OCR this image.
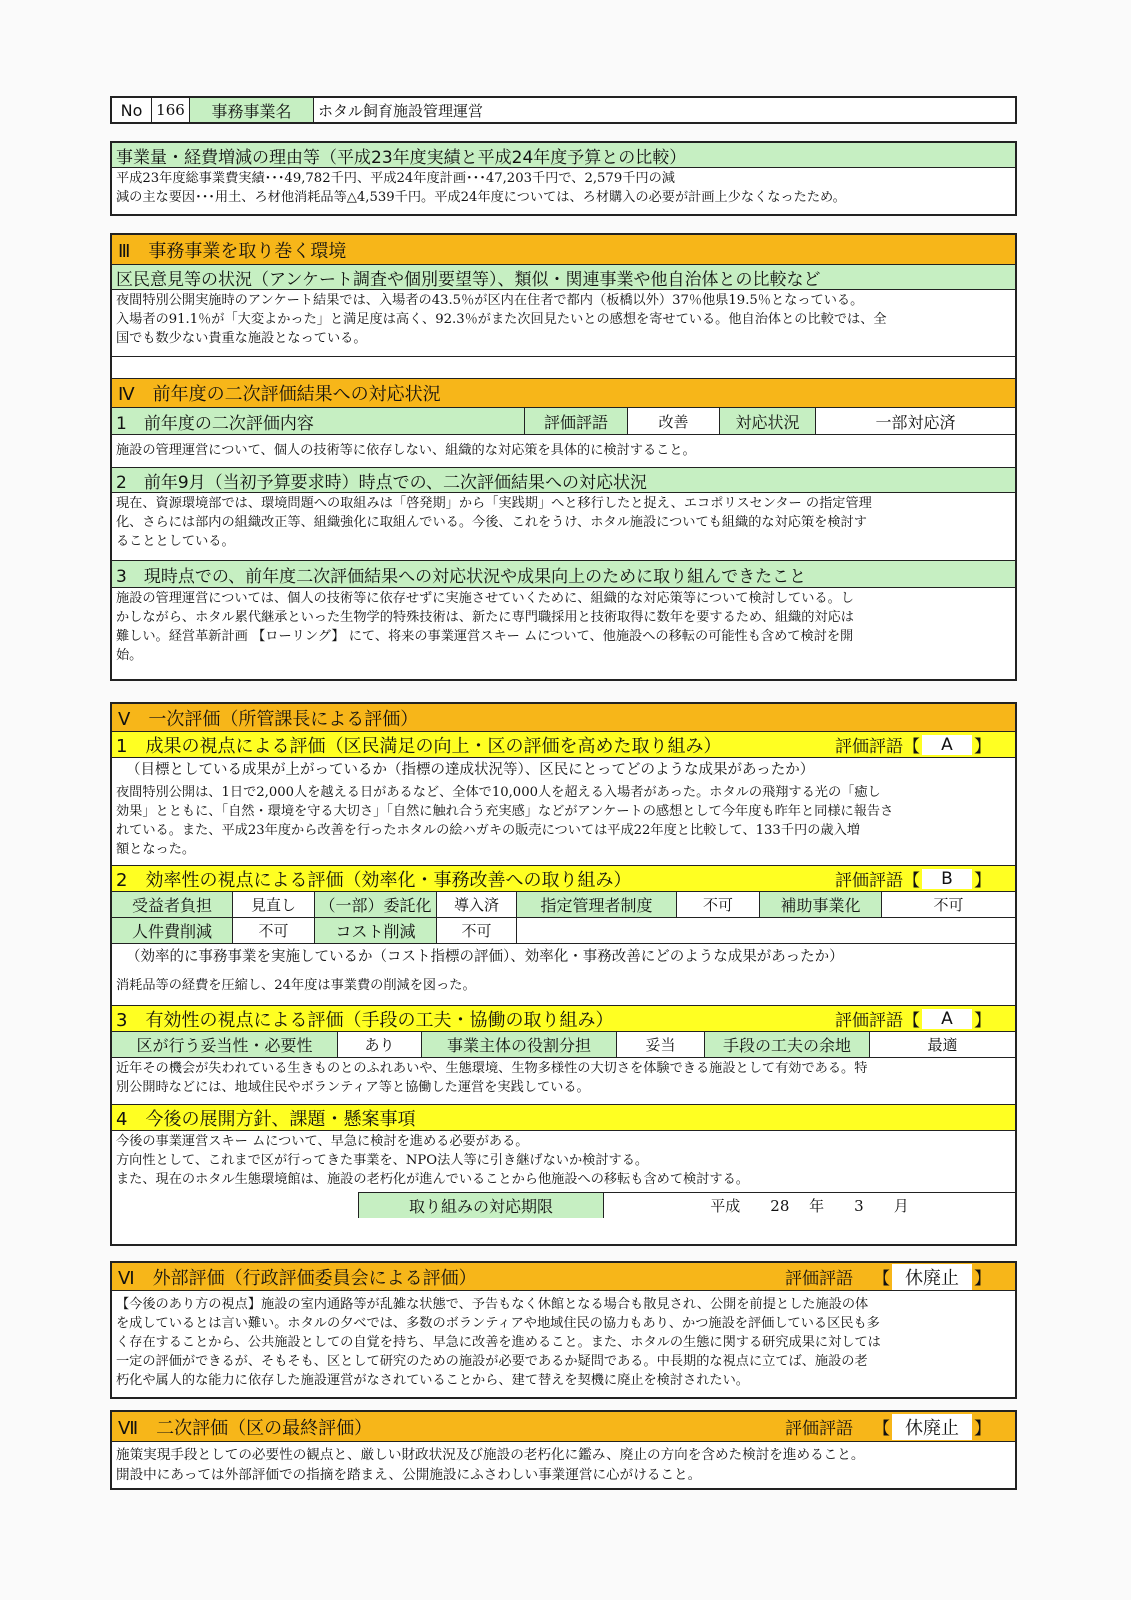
No 166	事務事業名	ホタル飼育施設管理運営
事業量・経費増減の理由等（平成23年度実績と平成24年度予算との比較）
平成23年度総事業費実績･･･49,782千円、平成24年度計画･･･47,203千円で、2,579千円の減
減の主な要因･･･用土、ろ材他消耗品等△4,539千円。平成24年度については、ろ材購入の必要が計画上少なくなったため。
Ⅲ　事務事業を取り巻く環境
区民意見等の状況（アンケート調査や個別要望等）、類似・関連事業や他自治体との比較など
夜間特別公開実施時のアンケート結果では、入場者の43.5％が区内在住者で都内（板橋以外）37％他県19.5％となっている。
入場者の91.1％が「大変よかった」と満足度は高く、92.3％がまた次回見たいとの感想を寄せている。他自治体との比較では、全
国でも数少ない貴重な施設となっている。
Ⅳ　前年度の二次評価結果への対応状況
1　前年度の二次評価内容	評価評語	改善	対応状況	一部対応済
施設の管理運営について、個人の技術等に依存しない、組織的な対応策を具体的に検討すること。
2　前年9月（当初予算要求時）時点での、二次評価結果への対応状況
現在、資源環境部では、環境問題への取組みは「啓発期」から「実践期」へと移行したと捉え、エコポリスセンター の指定管理
化、さらには部内の組織改正等、組織強化に取組んでいる。今後、これをうけ、ホタル施設についても組織的な対応策を検討す
ることとしている。
3　現時点での、前年度二次評価結果への対応状況や成果向上のために取り組んできたこと
施設の管理運営については、個人の技術等に依存せずに実施させていくために、組織的な対応策等について検討している。し
かしながら、ホタル累代継承といった生物学的特殊技術は、新たに専門職採用と技術取得に数年を要するため、組織的対応は
難しい。経営革新計画 【ローリング】 にて、将来の事業運営スキー ムについて、他施設への移転の可能性も含めて検討を開
始。
Ⅴ　一次評価（所管課長による評価）
1　成果の視点による評価（区民満足の向上・区の評価を高めた取り組み）	評価評語【	A	】
（目標としている成果が上がっているか（指標の達成状況等）、区民にとってどのような成果があったか）
夜間特別公開は、1日で2,000人を越える日があるなど、全体で10,000人を超える入場者があった。ホタルの飛翔する光の「癒し
効果」とともに、「自然・環境を守る大切さ」「自然に触れ合う充実感」などがアンケートの感想として今年度も昨年と同様に報告さ
れている。また、平成23年度から改善を行ったホタルの絵ハガキの販売については平成22年度と比較して、133千円の歳入増
額となった。
2　効率性の視点による評価（効率化・事務改善への取り組み）	評価評語【	B	】
受益者負担	見直し	（一部）委託化	導入済	指定管理者制度	不可	補助事業化	不可
人件費削減	不可	コスト削減	不可
（効率的に事務事業を実施しているか（コスト指標の評価）、効率化・事務改善にどのような成果があったか）
消耗品等の経費を圧縮し、24年度は事業費の削減を図った。
3　有効性の視点による評価（手段の工夫・協働の取り組み）	評価評語【	A	】
区が行う妥当性・必要性	あり	事業主体の役割分担	妥当	手段の工夫の余地	最適
近年その機会が失われている生きものとのふれあいや、生態環境、生物多様性の大切さを体験できる施設として有効である。特
別公開時などには、地域住民やボランティア等と協働した運営を実践している。
4　今後の展開方針、課題・懸案事項
今後の事業運営スキー ムについて、早急に検討を進める必要がある。
方向性として、これまで区が行ってきた事業を、NPO法人等に引き継げないか検討する。
また、現在のホタル生態環境館は、施設の老朽化が進んでいることから他施設への移転も含めて検討する。
取り組みの対応期限	平成　　28　 年　　3　　月
Ⅵ　外部評価（行政評価委員会による評価）	評価評語 【 休廃止 】
【今後のあり方の視点】施設の室内通路等が乱雑な状態で、予告もなく休館となる場合も散見され、公開を前提とした施設の体
を成しているとは言い難い。ホタルの夕べでは、多数のボランティアや地域住民の協力もあり、かつ施設を評価している区民も多
く存在することから、公共施設としての自覚を持ち、早急に改善を進めること。また、ホタルの生態に関する研究成果に対しては
一定の評価ができるが、そもそも、区として研究のための施設が必要であるか疑問である。中長期的な視点に立てば、施設の老
朽化や属人的な能力に依存した施設運営がなされていることから、建て替えを契機に廃止を検討されたい。
Ⅶ　二次評価（区の最終評価）	評価評語 【 休廃止 】
施策実現手段としての必要性の観点と、厳しい財政状況及び施設の老朽化に鑑み、廃止の方向を含めた検討を進めること。
開設中にあっては外部評価での指摘を踏まえ、公開施設にふさわしい事業運営に心がけること。
